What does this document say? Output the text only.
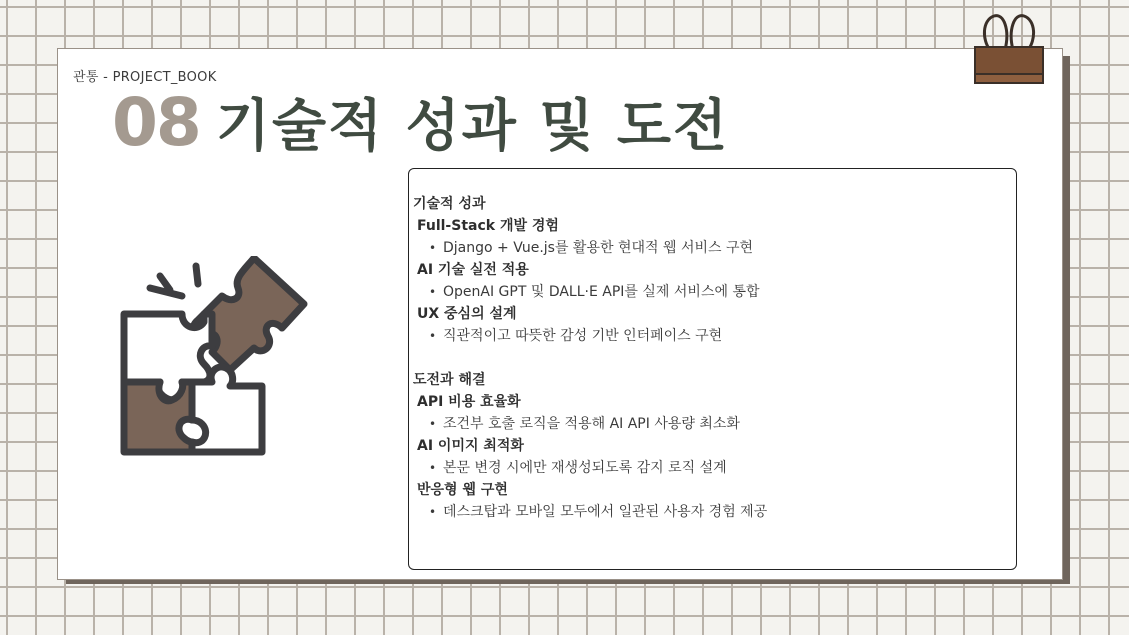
관통 - PROJECT_BOOK
08 기술적 성과 및 도전
기술적 성과
Full-Stack 개발 경험
• Django + Vue.js를 활용한 현대적 웹 서비스 구현
AI 기술 실전 적용
• OpenAI GPT 및 DALL·E API를 실제 서비스에 통합
UX 중심의 설계
• 직관적이고 따뜻한 감성 기반 인터페이스 구현
도전과 해결
API 비용 효율화
• 조건부 호출 로직을 적용해 AI API 사용량 최소화
AI 이미지 최적화
• 본문 변경 시에만 재생성되도록 감지 로직 설계
반응형 웹 구현
• 데스크탑과 모바일 모두에서 일관된 사용자 경험 제공
